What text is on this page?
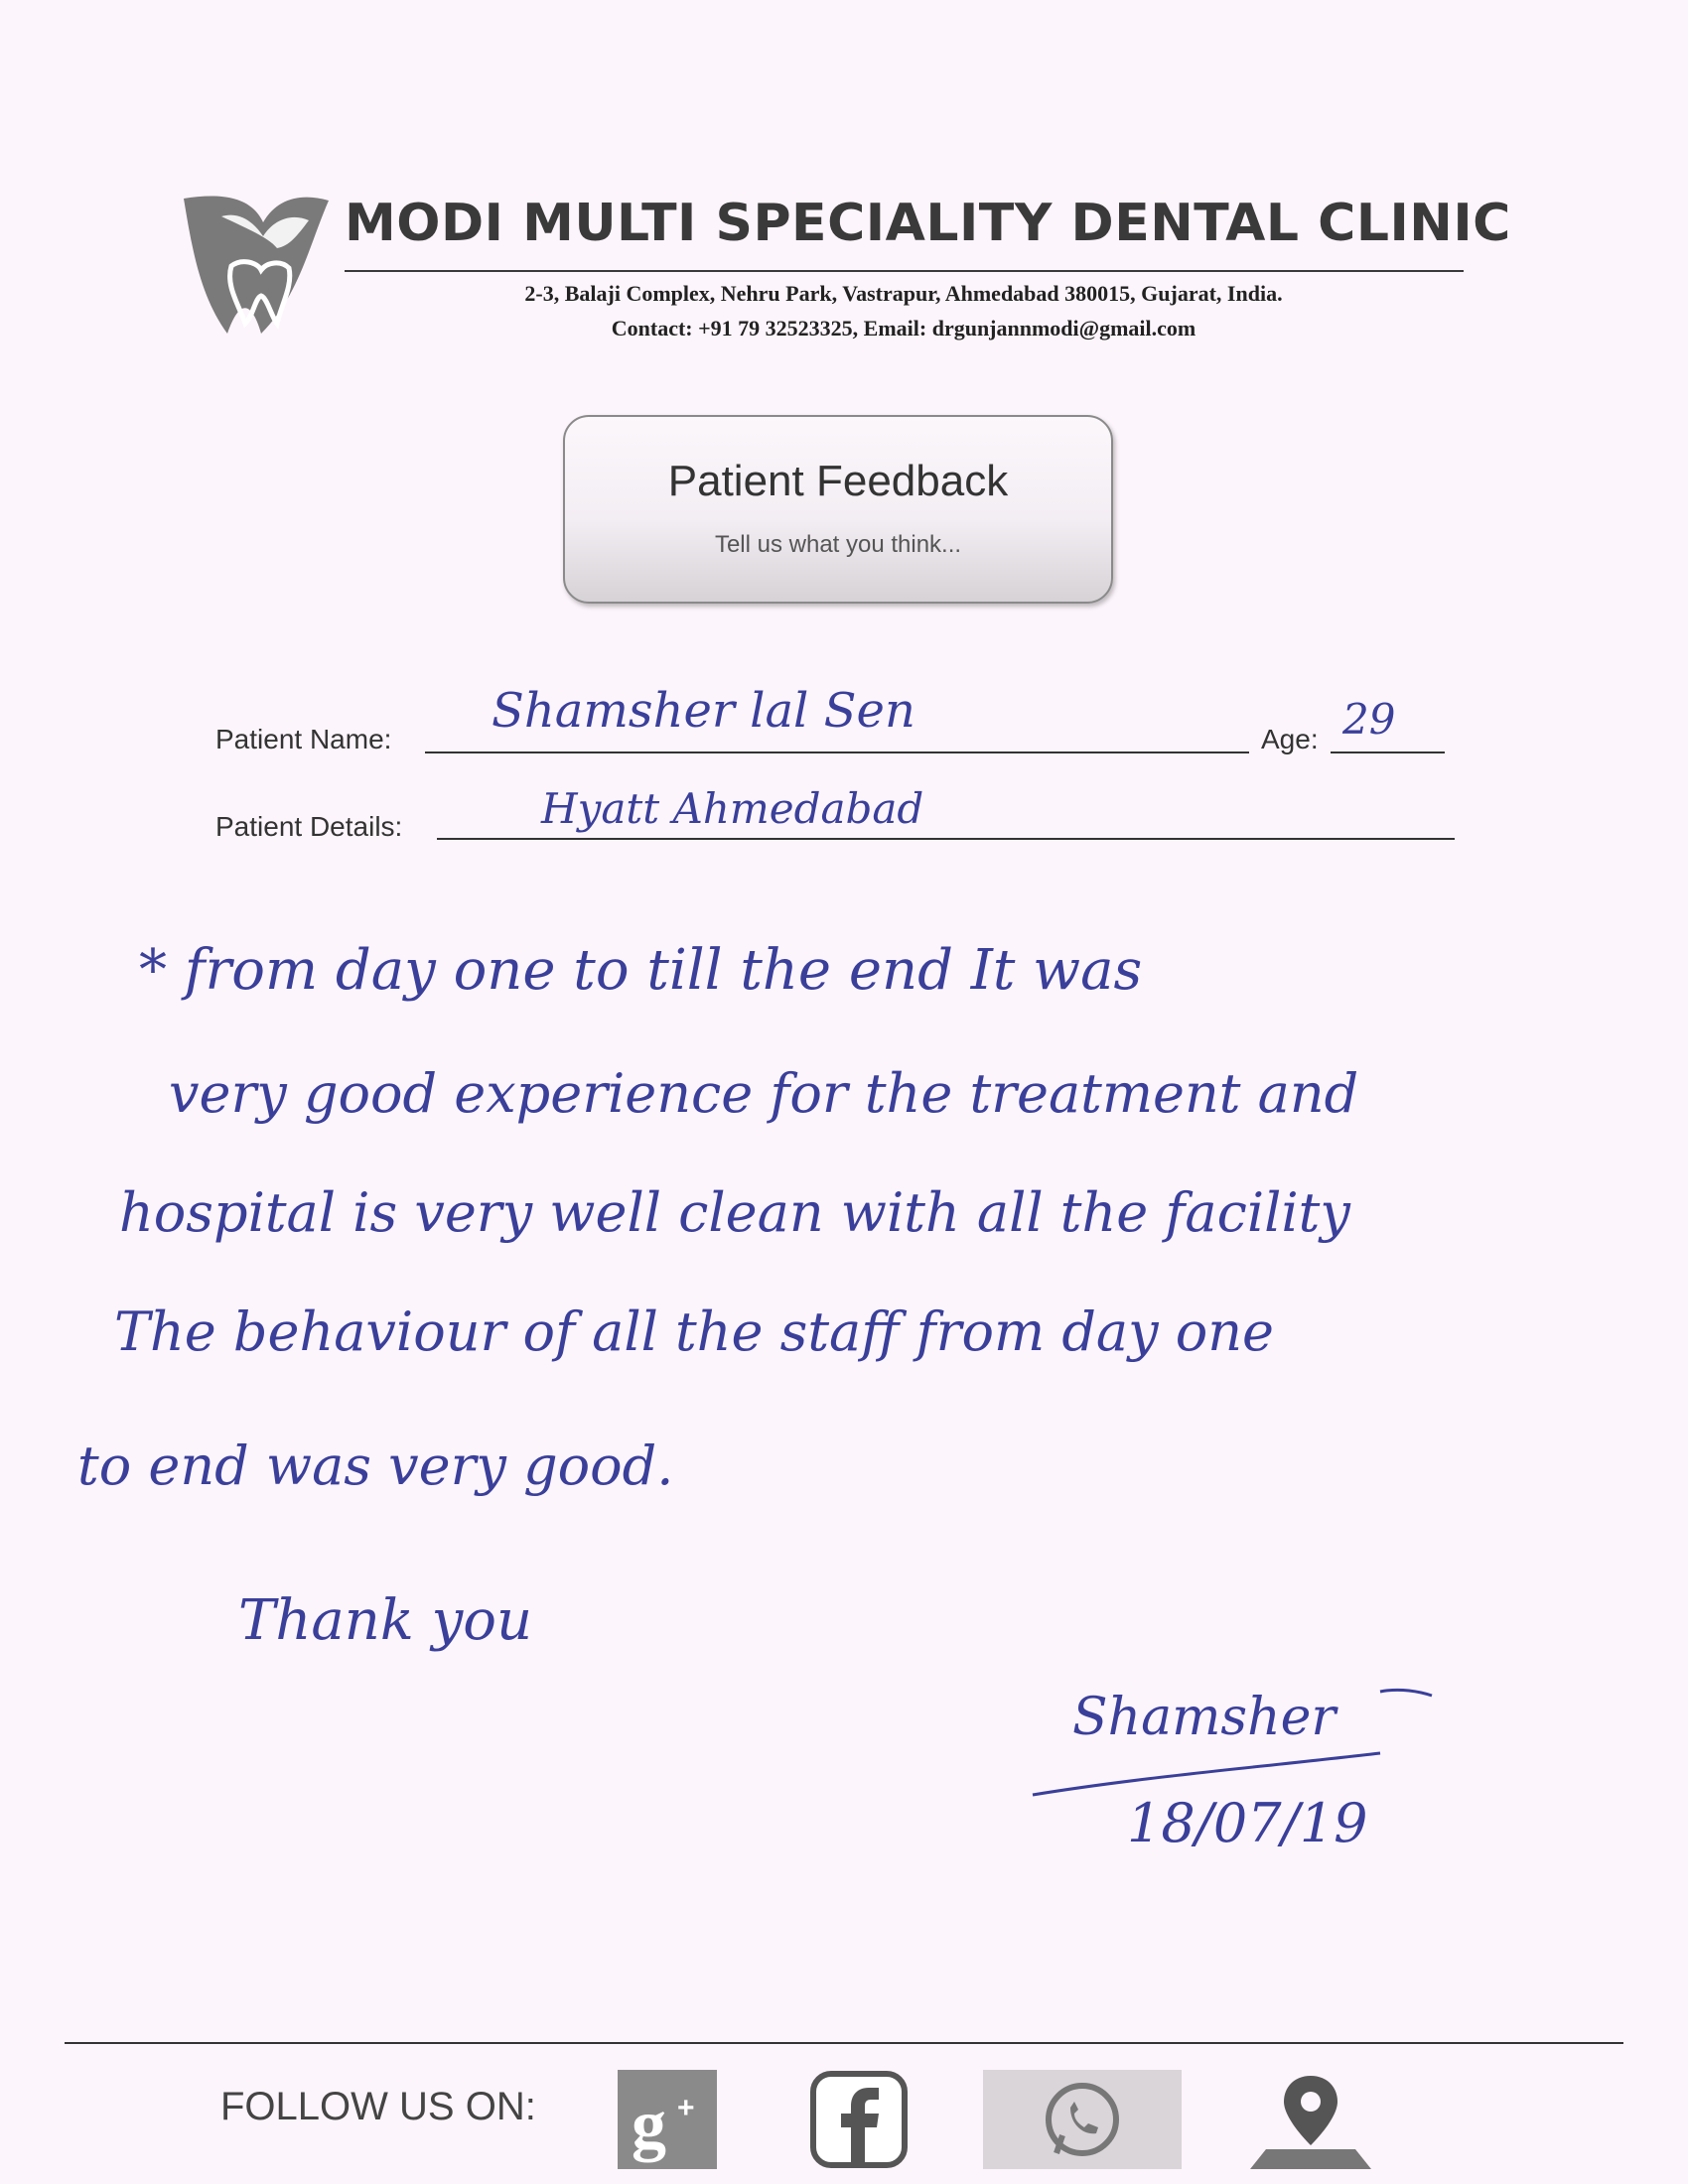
MODI MULTI SPECIALITY DENTAL CLINIC
2-3, Balaji Complex, Nehru Park, Vastrapur, Ahmedabad 380015, Gujarat, India.
Contact: +91 79 32523325, Email: drgunjannmodi@gmail.com
Patient Feedback
Tell us what you think...
Patient Name:
Shamsher lal Sen
Age: 29
Patient Details:	Hyatt Ahmedabad
* from day one to till the end It was
very good experience for the treatment and
hospital is very well clean with all the facility
The behaviour of all the staff from day one
to end was very good.
Thank you
Shamsher
18/07/19
FOLLOW US ON: g +
